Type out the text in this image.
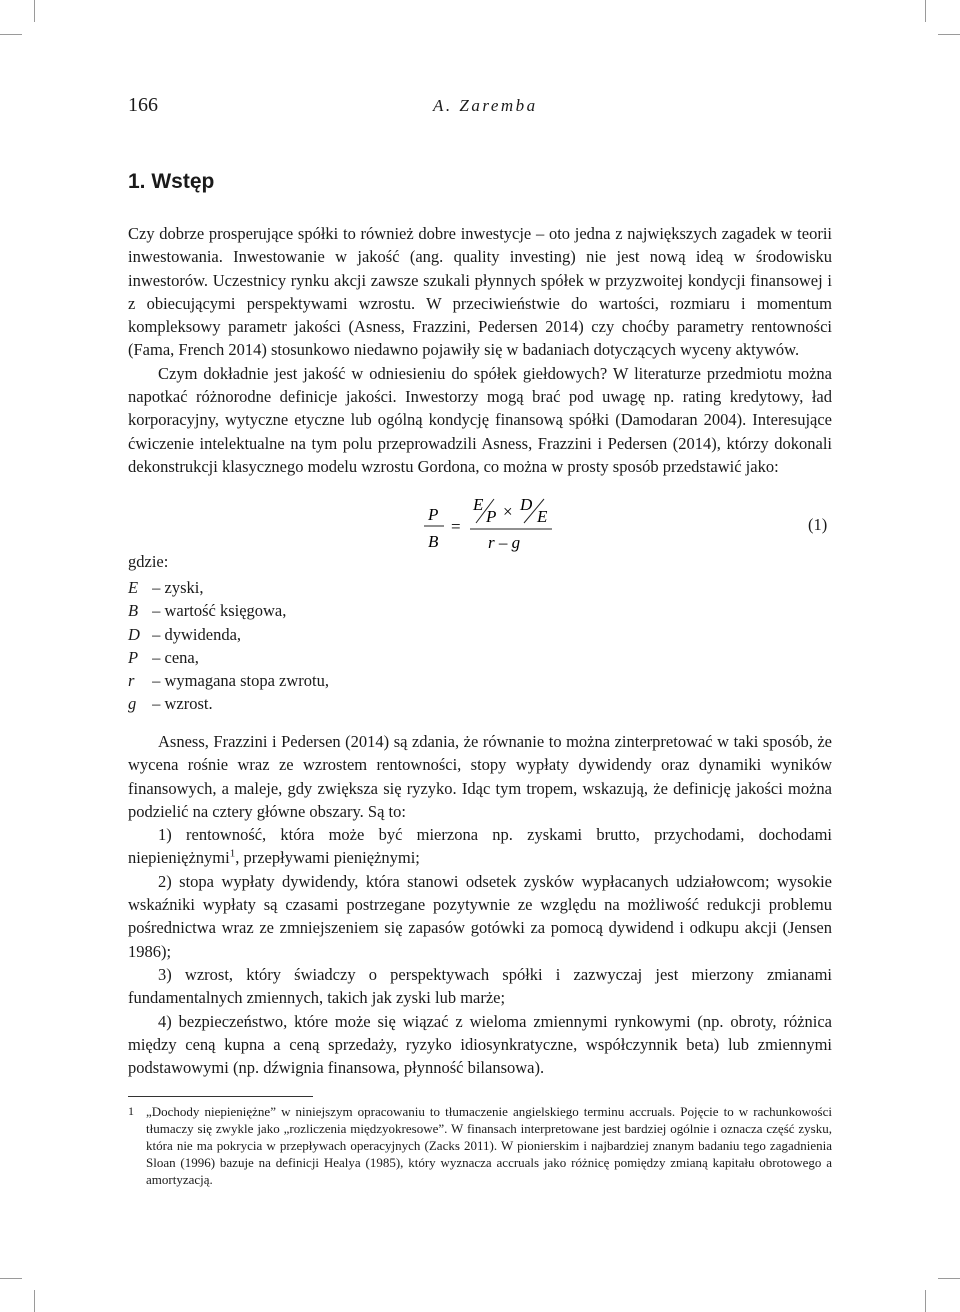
166	A. Zaremba
1. Wstęp

Czy dobrze prosperujące spółki to również dobre inwestycje – oto jedna z największych zagadek w teorii inwestowania. Inwestowanie w jakość (ang. quality investing) nie jest nową ideą w środowisku inwestorów. Uczestnicy rynku akcji zawsze szukali płynnych spółek w przyzwoitej kondycji finansowej i z obiecującymi perspektywami wzrostu. W przeciwieństwie do wartości, rozmiaru i momentum kompleksowy parametr jakości (Asness, Frazzini, Pedersen 2014) czy choćby parametry rentowności (Fama, French 2014) stosunkowo niedawno pojawiły się w badaniach dotyczących wyceny aktywów.

Czym dokładnie jest jakość w odniesieniu do spółek giełdowych? W literaturze przedmiotu można napotkać różnorodne definicje jakości. Inwestorzy mogą brać pod uwagę np. rating kredytowy, ład korporacyjny, wytyczne etyczne lub ogólną kondycję finansową spółki (Damodaran 2004). Interesujące ćwiczenie intelektualne na tym polu przeprowadzili Asness, Frazzini i Pedersen (2014), którzy dokonali dekonstrukcji klasycznego modelu wzrostu Gordona, co można w prosty sposób przedstawić jako:

P
B
=
E
P × D
E
r – g
(1)
gdzie:
E – zyski,
B – wartość księgowa,
D – dywidenda,
P – cena,
r – wymagana stopa zwrotu,
g – wzrost.

Asness, Frazzini i Pedersen (2014) są zdania, że równanie to można zinterpretować w taki sposób, że wycena rośnie wraz ze wzrostem rentowności, stopy wypłaty dywidendy oraz dynamiki wyników finansowych, a maleje, gdy zwiększa się ryzyko. Idąc tym tropem, wskazują, że definicję jakości można podzielić na cztery główne obszary. Są to:

1) rentowność, która może być mierzona np. zyskami brutto, przychodami, dochodami niepieniężnymi$^1$, przepływami pieniężnymi;

2) stopa wypłaty dywidendy, która stanowi odsetek zysków wypłacanych udziałowcom; wysokie wskaźniki wypłaty są czasami postrzegane pozytywnie ze względu na możliwość redukcji problemu pośrednictwa wraz ze zmniejszeniem się zapasów gotówki za pomocą dywidend i odkupu akcji (Jensen 1986);

3) wzrost, który świadczy o perspektywach spółki i zazwyczaj jest mierzony zmianami fundamentalnych zmiennych, takich jak zyski lub marże;

4) bezpieczeństwo, które może się wiązać z wieloma zmiennymi rynkowymi (np. obroty, różnica między ceną kupna a ceną sprzedaży, ryzyko idiosynkratyczne, współczynnik beta) lub zmiennymi podstawowymi (np. dźwignia finansowa, płynność bilansowa).

1 „Dochody niepieniężne” w niniejszym opracowaniu to tłumaczenie angielskiego terminu accruals. Pojęcie to w rachunkowości tłumaczy się zwykle jako „rozliczenia międzyokresowe”. W finansach interpretowane jest bardziej ogólnie i oznacza część zysku, która nie ma pokrycia w przepływach operacyjnych (Zacks 2011). W pionierskim i najbardziej znanym badaniu tego zagadnienia Sloan (1996) bazuje na definicji Healya (1985), który wyznacza accruals jako różnicę pomiędzy zmianą kapitału obrotowego a amortyzacją.
